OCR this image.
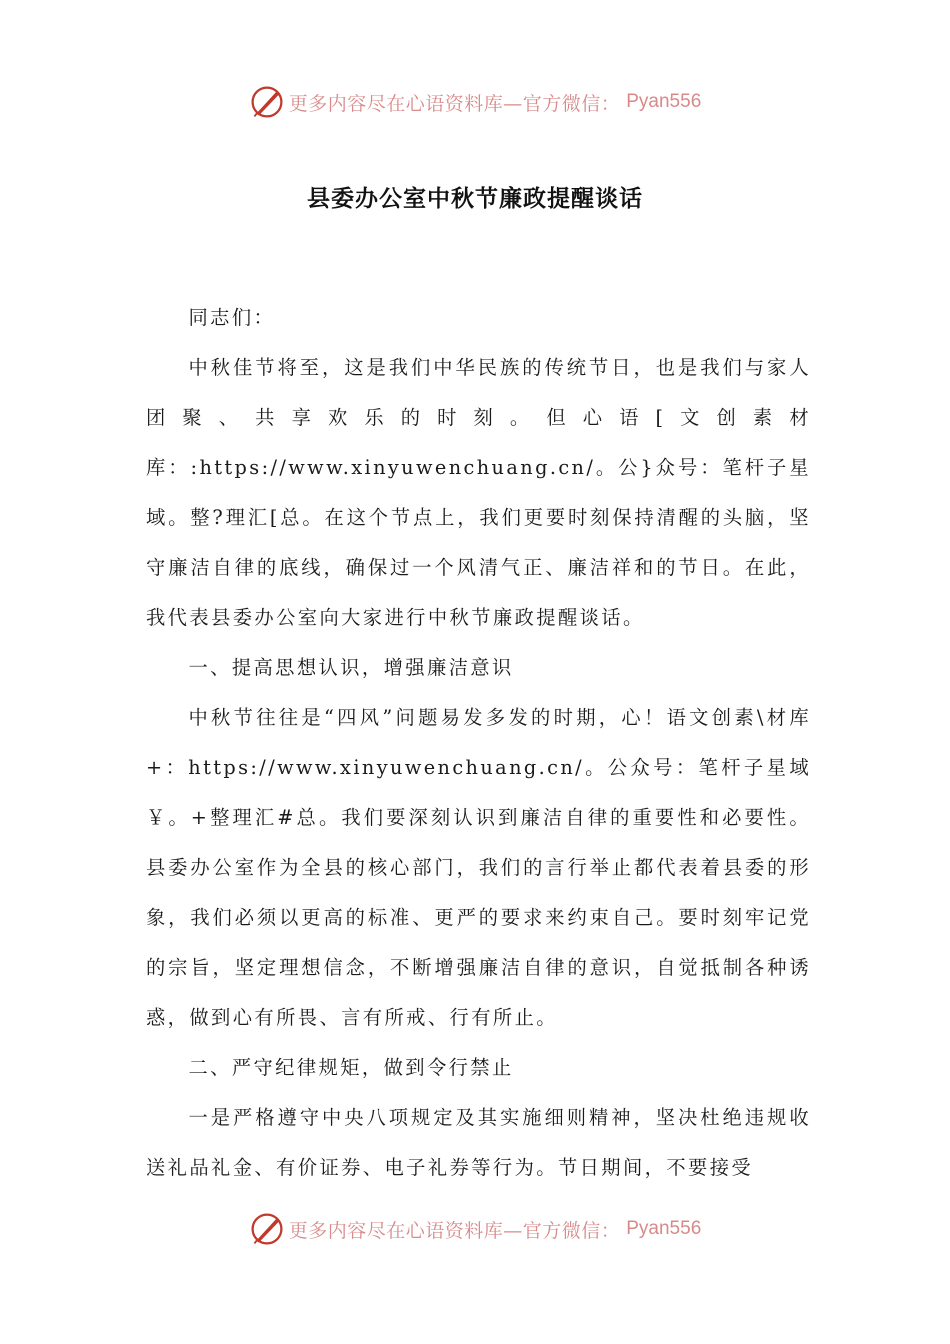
更多内容尽在心语资料库—官方微信： Pyan556
县委办公室中秋节廉政提醒谈话

同志们：

中秋佳节将至，这是我们中华民族的传统节日，也是我们与家人团聚、共享欢乐的时刻。但心语[文创素材库：:https://www.xinyuwenchuang.cn/。公}众号：笔杆子星域。整?理汇[总。在这个节点上，我们更要时刻保持清醒的头脑，坚守廉洁自律的底线，确保过一个风清气正、廉洁祥和的节日。在此，我代表县委办公室向大家进行中秋节廉政提醒谈话。

一、提高思想认识，增强廉洁意识

中秋节往往是“四风”问题易发多发的时期，心！语文创素\材库+：https://www.xinyuwenchuang.cn/。公众号：笔杆子星域￥。+整理汇#总。我们要深刻认识到廉洁自律的重要性和必要性。县委办公室作为全县的核心部门，我们的言行举止都代表着县委的形象，我们必须以更高的标准、更严的要求来约束自己。要时刻牢记党的宗旨，坚定理想信念，不断增强廉洁自律的意识，自觉抵制各种诱惑，做到心有所畏、言有所戒、行有所止。

二、严守纪律规矩，做到令行禁止

一是严格遵守中央八项规定及其实施细则精神，坚决杜绝违规收送礼品礼金、有价证券、电子礼券等行为。节日期间，不要接受

更多内容尽在心语资料库—官方微信： Pyan556
